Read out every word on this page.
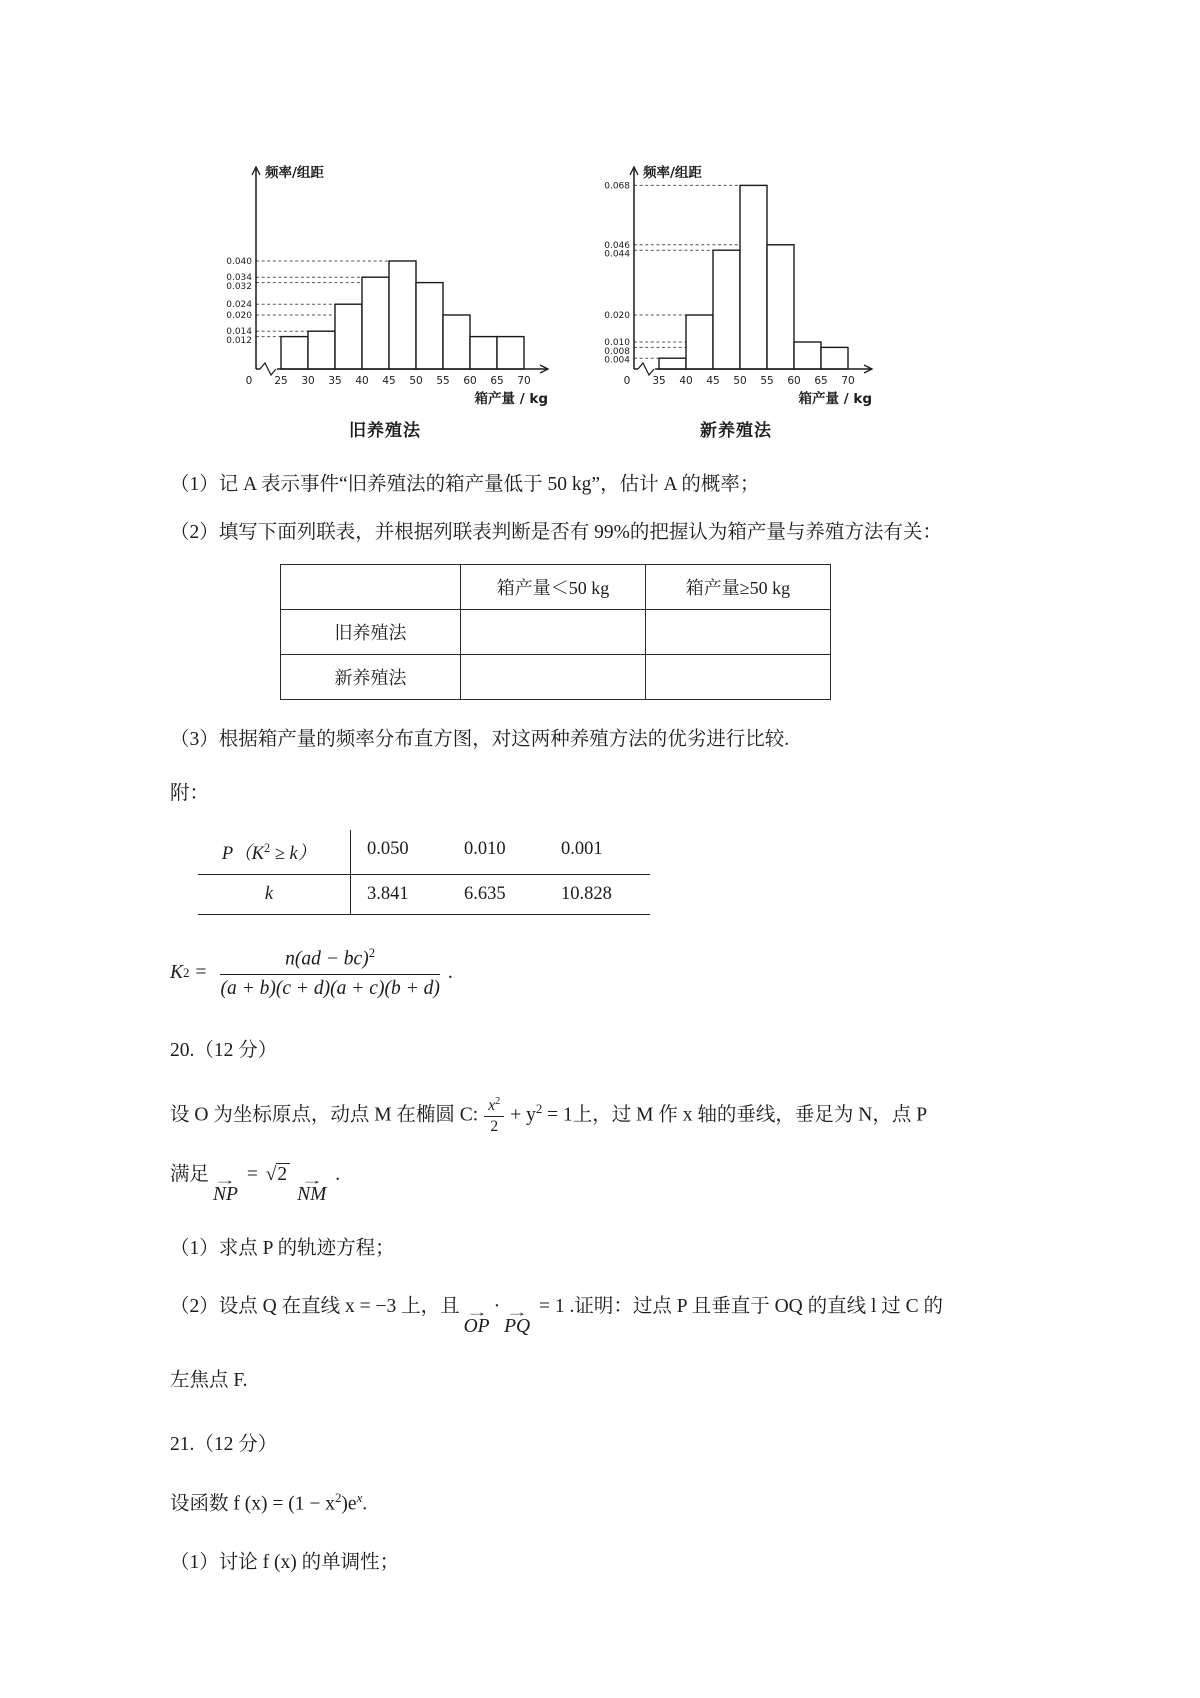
0.040
0.034
0.032
0.024
0.020
0.014
0.012
0 25 30 35 40 45 50 55 60 65 70
频率/组距
箱产量 / kg
旧养殖法
0.068
0.046
0.044
0.020
0.010
0.008
0.004
0 35 40 45 50 55 60 65 70
频率/组距
箱产量 / kg
新养殖法

（1）记 A 表示事件“旧养殖法的箱产量低于 50 kg”，估计 A 的概率；

（2）填写下面列联表，并根据列联表判断是否有 99%的把握认为箱产量与养殖方法有关：

	箱产量＜50 kg	箱产量≥50 kg
旧养殖法		
新养殖法		

（3）根据箱产量的频率分布直方图，对这两种养殖方法的优劣进行比较.

附：

$P(K^2 \ge k)$	0.050	0.010	0.001
k	3.841	6.635	10.828
K $2 = \frac{n(ad - bc)^2}{(a + b)(c + d)(a + c)(b + d)}$ .

20.（12 分）

设 O 为坐标原点，动点 M 在椭圆 C: $\frac{x^2}{2} + y^2 = 1$上，过 M 作 x 轴的垂线，垂足为 N，点 P

满足 →
NP
= √2 →
NM
.

（1）求点 P 的轨迹方程；

（2）设点 Q 在直线 x = −3 上，且 →
OP
· →
PQ
= 1 .证明：过点 P 且垂直于 OQ 的直线 l 过 C 的

左焦点 F.

21.（12 分）

设函数 f $(x) = (1 - x^2)e^x$.

（1）讨论 f (x) 的单调性；
